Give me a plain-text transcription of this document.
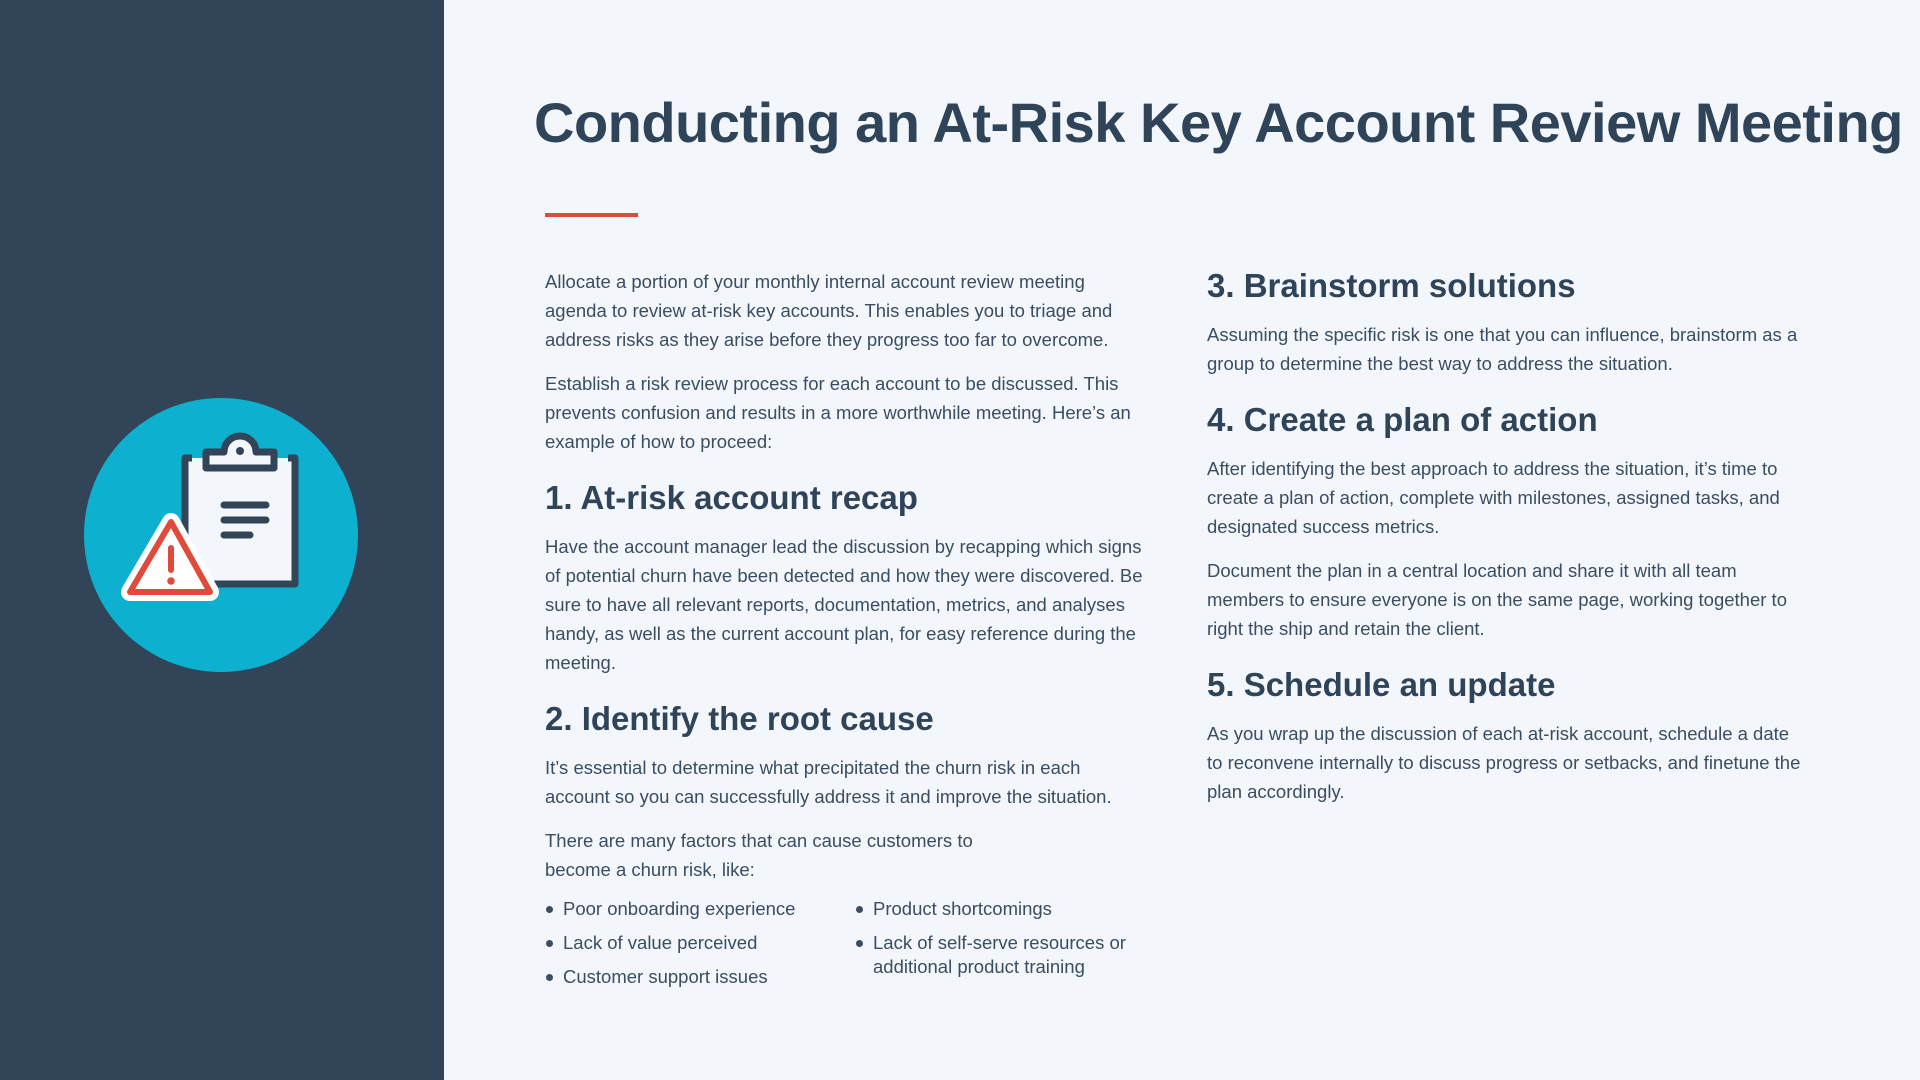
Conducting an At-Risk Key Account Review Meeting

Allocate a portion of your monthly internal account review meeting agenda to review at-risk key accounts. This enables you to triage and address risks as they arise before they progress too far to overcome.

Establish a risk review process for each account to be discussed. This prevents confusion and results in a more worthwhile meeting. Here’s an example of how to proceed:

1. At-risk account recap

Have the account manager lead the discussion by recapping which signs of potential churn have been detected and how they were discovered. Be sure to have all relevant reports, documentation, metrics, and analyses handy, as well as the current account plan, for easy reference during the meeting.

2. Identify the root cause

It’s essential to determine what precipitated the churn risk in each account so you can successfully address it and improve the situation.

There are many factors that can cause customers to become a churn risk, like:

Poor onboarding experience
Lack of value perceived
Customer support issues
Product shortcomings
Lack of self-serve resources or additional product training
3. Brainstorm solutions

Assuming the specific risk is one that you can influence, brainstorm as a group to determine the best way to address the situation.

4. Create a plan of action

After identifying the best approach to address the situation, it’s time to create a plan of action, complete with milestones, assigned tasks, and designated success metrics.

Document the plan in a central location and share it with all team members to ensure everyone is on the same page, working together to right the ship and retain the client.

5. Schedule an update

As you wrap up the discussion of each at-risk account, schedule a date to reconvene internally to discuss progress or setbacks, and finetune the plan accordingly.
